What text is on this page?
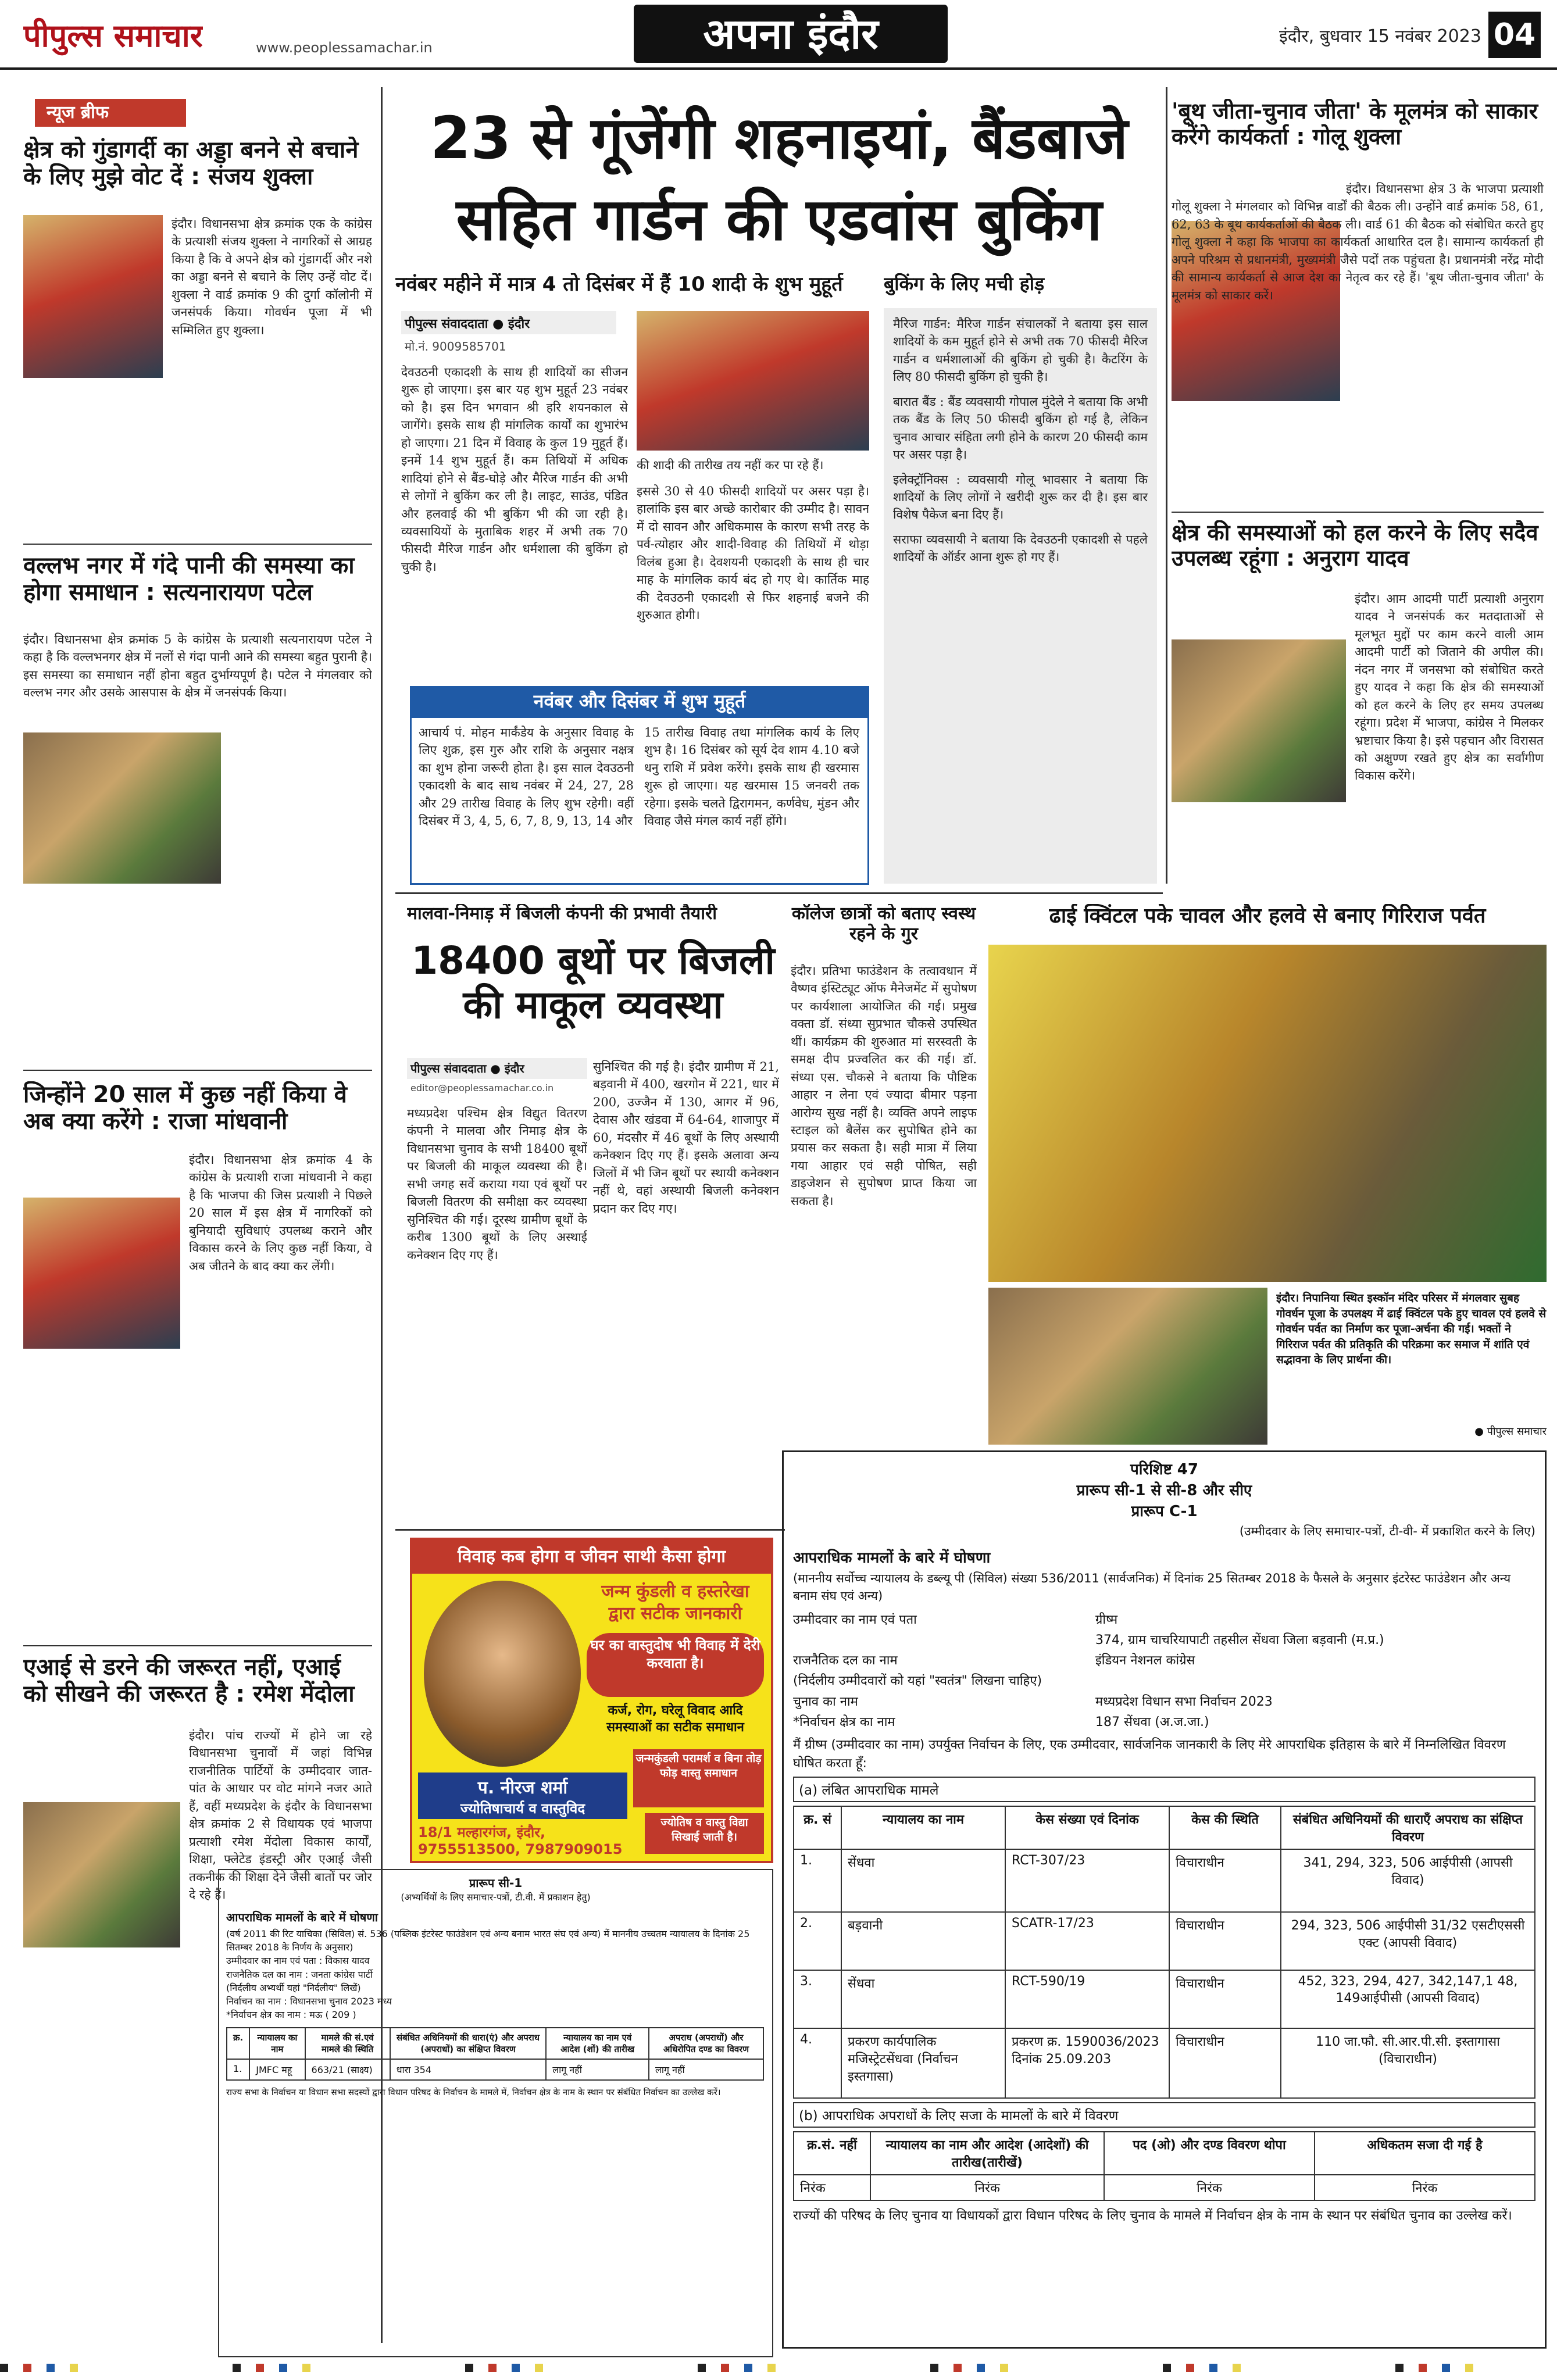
पीपुल्स समाचार	www.peoplessamachar.in	अपना इंदौर	इंदौर, बुधवार 15 नवंबर 2023 04
न्यूज ब्रीफ
क्षेत्र को गुंडागर्दी का अड्डा बनने से बचाने के लिए मुझे वोट दें : संजय शुक्ला
इंदौर। विधानसभा क्षेत्र क्रमांक एक के कांग्रेस के प्रत्याशी संजय शुक्ला ने नागरिकों से आग्रह किया है कि वे अपने क्षेत्र को गुंडागर्दी और नशे का अड्डा बनने से बचाने के लिए उन्हें वोट दें। शुक्ला ने वार्ड क्रमांक 9 की दुर्गा कॉलोनी में जनसंपर्क किया। गोवर्धन पूजा में भी सम्मिलित हुए शुक्ला।
वल्लभ नगर में गंदे पानी की समस्या का होगा समाधान : सत्यनारायण पटेल
इंदौर। विधानसभा क्षेत्र क्रमांक 5 के कांग्रेस के प्रत्याशी सत्यनारायण पटेल ने कहा है कि वल्लभनगर क्षेत्र में नलों से गंदा पानी आने की समस्या बहुत पुरानी है। इस समस्या का समाधान नहीं होना बहुत दुर्भाग्यपूर्ण है। पटेल ने मंगलवार को वल्लभ नगर और उसके आसपास के क्षेत्र में जनसंपर्क किया।
जिन्होंने 20 साल में कुछ नहीं किया वे अब क्या करेंगे : राजा मांधवानी
इंदौर। विधानसभा क्षेत्र क्रमांक 4 के कांग्रेस के प्रत्याशी राजा मांधवानी ने कहा है कि भाजपा की जिस प्रत्याशी ने पिछले 20 साल में इस क्षेत्र में नागरिकों को बुनियादी सुविधाएं उपलब्ध कराने और विकास करने के लिए कुछ नहीं किया, वे अब जीतने के बाद क्या कर लेंगी।
एआई से डरने की जरूरत नहीं, एआई को सीखने की जरूरत है : रमेश मेंदोला
इंदौर। पांच राज्यों में होने जा रहे विधानसभा चुनावों में जहां विभिन्न राजनीतिक पार्टियों के उम्मीदवार जात-पांत के आधार पर वोट मांगने नजर आते हैं, वहीं मध्यप्रदेश के इंदौर के विधानसभा क्षेत्र क्रमांक 2 से विधायक एवं भाजपा प्रत्याशी रमेश मेंदोला विकास कार्यों, शिक्षा, फ्लेटेड इंडस्ट्री और एआई जैसी तकनीक की शिक्षा देने जैसी बातों पर जोर दे रहे हैं।
23 से गूंजेंगी शहनाइयां, बैंडबाजे
सहित गार्डन की एडवांस बुकिंग
नवंबर महीने में मात्र 4 तो दिसंबर में हैं 10 शादी के शुभ मुहूर्त
पीपुल्स संवाददाता ● इंदौर
मो.नं. 9009585701
देवउठनी एकादशी के साथ ही शादियों का सीजन शुरू हो जाएगा। इस बार यह शुभ मुहूर्त 23 नवंबर को है। इस दिन भगवान श्री हरि शयनकाल से जागेंगे। इसके साथ ही मांगलिक कार्यों का शुभारंभ हो जाएगा। 21 दिन में विवाह के कुल 19 मुहूर्त हैं। इनमें 14 शुभ मुहूर्त हैं। कम तिथियों में अधिक शादियां होने से बैंड-घोड़े और मैरिज गार्डन की अभी से लोगों ने बुकिंग कर ली है। लाइट, साउंड, पंडित और हलवाई की भी बुकिंग भी की जा रही है। व्यवसायियों के मुताबिक शहर में अभी तक 70 फीसदी मैरिज गार्डन और धर्मशाला की बुकिंग हो चुकी है।
की शादी की तारीख तय नहीं कर पा रहे हैं।
इससे 30 से 40 फीसदी शादियों पर असर पड़ा है। हालांकि इस बार अच्छे कारोबार की उम्मीद है। सावन में दो सावन और अधिकमास के कारण सभी तरह के पर्व-त्योहार और शादी-विवाह की तिथियों में थोड़ा विलंब हुआ है। देवशयनी एकादशी के साथ ही चार माह के मांगलिक कार्य बंद हो गए थे। कार्तिक माह की देवउठनी एकादशी से फिर शहनाई बजने की शुरुआत होगी।
बुकिंग के लिए मची होड़
मैरिज गार्डन: मैरिज गार्डन संचालकों ने बताया इस साल शादियों के कम मुहूर्त होने से अभी तक 70 फीसदी मैरिज गार्डन व धर्मशालाओं की बुकिंग हो चुकी है। कैटरिंग के लिए 80 फीसदी बुकिंग हो चुकी है।
बारात बैंड : बैंड व्यवसायी गोपाल मुंदेले ने बताया कि अभी तक बैंड के लिए 50 फीसदी बुकिंग हो गई है, लेकिन चुनाव आचार संहिता लगी होने के कारण 20 फीसदी काम पर असर पड़ा है।
इलेक्ट्रॉनिक्स : व्यवसायी गोलू भावसार ने बताया कि शादियों के लिए लोगों ने खरीदी शुरू कर दी है। इस बार विशेष पैकेज बना दिए हैं।
सराफा व्यवसायी ने बताया कि देवउठनी एकादशी से पहले शादियों के ऑर्डर आना शुरू हो गए हैं।
नवंबर और दिसंबर में शुभ मुहूर्त
आचार्य पं. मोहन मार्कंडेय के अनुसार विवाह के लिए शुक्र, इस गुरु और राशि के अनुसार नक्षत्र का शुभ होना जरूरी होता है। इस साल देवउठनी एकादशी के बाद साथ नवंबर में 24, 27, 28 और 29 तारीख विवाह के लिए शुभ रहेगी। वहीं दिसंबर में 3, 4, 5, 6, 7, 8, 9, 13, 14 और
15 तारीख विवाह तथा मांगलिक कार्य के लिए शुभ है। 16 दिसंबर को सूर्य देव शाम 4.10 बजे धनु राशि में प्रवेश करेंगे। इसके साथ ही खरमास शुरू हो जाएगा। यह खरमास 15 जनवरी तक रहेगा। इसके चलते द्विरागमन, कर्णवेध, मुंडन और विवाह जैसे मंगल कार्य नहीं होंगे।
'बूथ जीता-चुनाव जीता' के मूलमंत्र को साकार करेंगे कार्यकर्ता : गोलू शुक्ला
इंदौर। विधानसभा क्षेत्र 3 के भाजपा प्रत्याशी गोलू शुक्ला ने मंगलवार को विभिन्न वार्डों की बैठक ली। उन्होंने वार्ड क्रमांक 58, 61, 62, 63 के बूथ कार्यकर्ताओं की बैठक ली। वार्ड 61 की बैठक को संबोधित करते हुए गोलू शुक्ला ने कहा कि भाजपा का कार्यकर्ता आधारित दल है। सामान्य कार्यकर्ता ही अपने परिश्रम से प्रधानमंत्री, मुख्यमंत्री जैसे पदों तक पहुंचता है। प्रधानमंत्री नरेंद्र मोदी की सामान्य कार्यकर्ता से आज देश का नेतृत्व कर रहे हैं। 'बूथ जीता-चुनाव जीता' के मूलमंत्र को साकार करें।
क्षेत्र की समस्याओं को हल करने के लिए सदैव उपलब्ध रहूंगा : अनुराग यादव
इंदौर। आम आदमी पार्टी प्रत्याशी अनुराग यादव ने जनसंपर्क कर मतदाताओं से मूलभूत मुद्दों पर काम करने वाली आम आदमी पार्टी को जिताने की अपील की। नंदन नगर में जनसभा को संबोधित करते हुए यादव ने कहा कि क्षेत्र की समस्याओं को हल करने के लिए हर समय उपलब्ध रहूंगा। प्रदेश में भाजपा, कांग्रेस ने मिलकर भ्रष्टाचार किया है। इसे पहचान और विरासत को अक्षुण्ण रखते हुए क्षेत्र का सर्वांगीण विकास करेंगे।
मालवा-निमाड़ में बिजली कंपनी की प्रभावी तैयारी
18400 बूथों पर बिजली की माकूल व्यवस्था
पीपुल्स संवाददाता ● इंदौर
editor@peoplessamachar.co.in
मध्यप्रदेश पश्चिम क्षेत्र विद्युत वितरण कंपनी ने मालवा और निमाड़ क्षेत्र के विधानसभा चुनाव के सभी 18400 बूथों पर बिजली की माकूल व्यवस्था की है। सभी जगह सर्वे कराया गया एवं बूथों पर बिजली वितरण की समीक्षा कर व्यवस्था सुनिश्चित की गई। दूरस्थ ग्रामीण बूथों के करीब 1300 बूथों के लिए अस्थाई कनेक्शन दिए गए हैं।
सुनिश्चित की गई है। इंदौर ग्रामीण में 21, बड़वानी में 400, खरगोन में 221, धार में 200, उज्जैन में 130, आगर में 96, देवास और खंडवा में 64-64, शाजापुर में 60, मंदसौर में 46 बूथों के लिए अस्थायी कनेक्शन दिए गए हैं। इसके अलावा अन्य जिलों में भी जिन बूथों पर स्थायी कनेक्शन नहीं थे, वहां अस्थायी बिजली कनेक्शन प्रदान कर दिए गए।
कॉलेज छात्रों को बताए स्वस्थ रहने के गुर
इंदौर। प्रतिभा फाउंडेशन के तत्वावधान में वैष्णव इंस्टिट्यूट ऑफ मैनेजमेंट में सुपोषण पर कार्यशाला आयोजित की गई। प्रमुख वक्ता डॉ. संध्या सुप्रभात चौकसे उपस्थित थीं। कार्यक्रम की शुरुआत मां सरस्वती के समक्ष दीप प्रज्वलित कर की गई। डॉ. संध्या एस. चौकसे ने बताया कि पौष्टिक आहार न लेना एवं ज्यादा बीमार पड़ना आरोग्य सुख नहीं है। व्यक्ति अपने लाइफ स्टाइल को बैलेंस कर सुपोषित होने का प्रयास कर सकता है। सही मात्रा में लिया गया आहार एवं सही पोषित, सही डाइजेशन से सुपोषण प्राप्त किया जा सकता है।
ढाई क्विंटल पके चावल और हलवे से बनाए गिरिराज पर्वत
इंदौर। निपानिया स्थित इस्कॉन मंदिर परिसर में मंगलवार सुबह गोवर्धन पूजा के उपलक्ष्य में ढाई क्विंटल पके हुए चावल एवं हलवे से गोवर्धन पर्वत का निर्माण कर पूजा-अर्चना की गई। भक्तों ने गिरिराज पर्वत की प्रतिकृति की परिक्रमा कर समाज में शांति एवं सद्भावना के लिए प्रार्थना की।
● पीपुल्स समाचार
विवाह कब होगा व जीवन साथी कैसा होगा
जन्म कुंडली व हस्तरेखा द्वारा सटीक जानकारी
घर का वास्तुदोष भी विवाह में देरी करवाता है।
कर्ज, रोग, घरेलू विवाद आदि समस्याओं का सटीक समाधान
जन्मकुंडली परामर्श व बिना तोड़ फोड़ वास्तु समाधान
प. नीरज शर्मा
ज्योतिषाचार्य व वास्तुविद
18/1 मल्हारगंज, इंदौर,
9755513500, 7987909015
ज्योतिष व वास्तु विद्या सिखाई जाती है।
प्रारूप सी-1
(अभ्यर्थियों के लिए समाचार-पत्रों, टी.वी. में प्रकाशन हेतु)
आपराधिक मामलों के बारे में घोषणा
(वर्ष 2011 की रिट याचिका (सिविल) सं. 536 (पब्लिक इंटरेस्ट फाउंडेशन एवं अन्य बनाम भारत संघ एवं अन्य) में माननीय उच्चतम न्यायालय के दिनांक 25 सितम्बर 2018 के निर्णय के अनुसार)
उम्मीदवार का नाम एवं पता : विकास यादव
राजनैतिक दल का नाम : जनता कांग्रेस पार्टी
(निर्दलीय अभ्यर्थी यहां "निर्दलीय" लिखें)
निर्वाचन का नाम : विधानसभा चुनाव 2023 मध्य
*निर्वाचन क्षेत्र का नाम : मऊ ( 209 )
क्र.	न्यायालय का नाम	मामले की सं.एवं मामले की स्थिति	संबंधित अधिनियमों की धारा(एं) और अपराध (अपराधों) का संक्षिप्त विवरण	न्यायालय का नाम एवं आदेश (शों) की तारीख	अपराध (अपराधों) और अधिरोपित दण्ड का विवरण
1.	JMFC महू	663/21 (साक्ष्य)	धारा 354	लागू नहीं	लागू नहीं
राज्य सभा के निर्वाचन या विधान सभा सदस्यों द्वारा विधान परिषद के निर्वाचन के मामले में, निर्वाचन क्षेत्र के नाम के स्थान पर संबंधित निर्वाचन का उल्लेख करें।
परिशिष्ट 47
प्रारूप सी-1 से सी-8 और सीए
प्रारूप C-1
(उम्मीदवार के लिए समाचार-पत्रों, टी-वी- में प्रकाशित करने के लिए)
आपराधिक मामलों के बारे में घोषणा
(माननीय सर्वोच्च न्यायालय के डब्ल्यू पी (सिविल) संख्या 536/2011 (सार्वजनिक) में दिनांक 25 सितम्बर 2018 के फैसले के अनुसार इंटरेस्ट फाउंडेशन और अन्य बनाम संघ एवं अन्य)
उम्मीदवार का नाम एवं पता	ग्रीष्म
374, ग्राम चाचरियापाटी तहसील सेंधवा जिला बड़वानी (म.प्र.)
राजनैतिक दल का नाम	इंडियन नेशनल कांग्रेस
(निर्दलीय उम्मीदवारों को यहां "स्वतंत्र" लिखना चाहिए)
चुनाव का नाम	मध्यप्रदेश विधान सभा निर्वाचन 2023
*निर्वाचन क्षेत्र का नाम	187 सेंधवा (अ.ज.जा.)
मैं ग्रीष्म (उम्मीदवार का नाम) उपर्युक्त निर्वाचन के लिए, एक उम्मीदवार, सार्वजनिक जानकारी के लिए मेरे आपराधिक इतिहास के बारे में निम्नलिखित विवरण घोषित करता हूँ:
(a) लंबित आपराधिक मामले
क्र. सं	न्यायालय का नाम	केस संख्या एवं दिनांक	केस की स्थिति	संबंधित अधिनियमों की धाराएँ अपराध का संक्षिप्त विवरण
1.	सेंधवा	RCT-307/23	विचाराधीन	341, 294, 323, 506 आईपीसी (आपसी विवाद)
2.	बड़वानी	SCATR-17/23	विचाराधीन	294, 323, 506 आईपीसी 31/32 एसटीएससी एक्ट (आपसी विवाद)
3.	सेंधवा	RCT-590/19	विचाराधीन	452, 323, 294, 427, 342,147,1 48, 149आईपीसी (आपसी विवाद)
4.	प्रकरण कार्यपालिक मजिस्ट्रेटसेंधवा (निर्वाचन इस्तगासा)	प्रकरण क्र. 1590036/2023 दिनांक 25.09.203	विचाराधीन	110 जा.फौ. सी.आर.पी.सी. इस्तागासा (विचाराधीन)
(b) आपराधिक अपराधों के लिए सजा के मामलों के बारे में विवरण
क्र.सं. नहीं	न्यायालय का नाम और आदेश (आदेशों) की तारीख(तारीखें)	पद (ओ) और दण्ड विवरण थोपा	अधिकतम सजा दी गई है
निरंक	निरंक	निरंक	निरंक
राज्यों की परिषद के लिए चुनाव या विधायकों द्वारा विधान परिषद के लिए चुनाव के मामले में निर्वाचन क्षेत्र के नाम के स्थान पर संबंधित चुनाव का उल्लेख करें।
